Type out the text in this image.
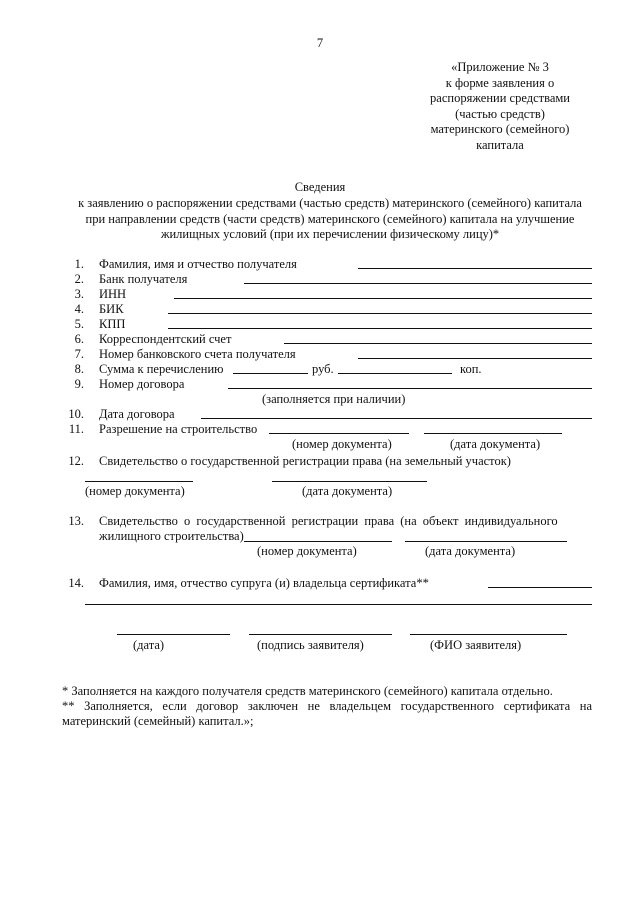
7
«Приложение № 3
к форме заявления о
распоряжении средствами
(частью средств)
материнского (семейного)
капитала
Сведения
к заявлению о распоряжении средствами (частью средств) материнского (семейного) капитала при направлении средств (части средств) материнского (семейного) капитала на улучшение жилищных условий (при их перечислении физическому лицу)*
1. Фамилия, имя и отчество получателя
2. Банк получателя
3. ИНН
4. БИК
5. КПП
6. Корреспондентский счет
7. Номер банковского счета получателя
8. Сумма к перечислению	руб.	коп.
9. Номер договора
(заполняется при наличии)
10. Дата договора
11. Разрешение на строительство
(номер документа)	(дата документа)
12. Свидетельство о государственной регистрации права (на земельный участок)
(номер документа)	(дата документа)
13. Свидетельство о государственной регистрации права (на объект индивидуального
жилищного строительства)
(номер документа)	(дата документа)
14. Фамилия, имя, отчество супруга (и) владельца сертификата**
(дата)	(подпись заявителя)	(ФИО заявителя)
* Заполняется на каждого получателя средств материнского (семейного) капитала отдельно.
** Заполняется, если договор заключен не владельцем государственного сертификата на материнский (семейный) капитал.»;
